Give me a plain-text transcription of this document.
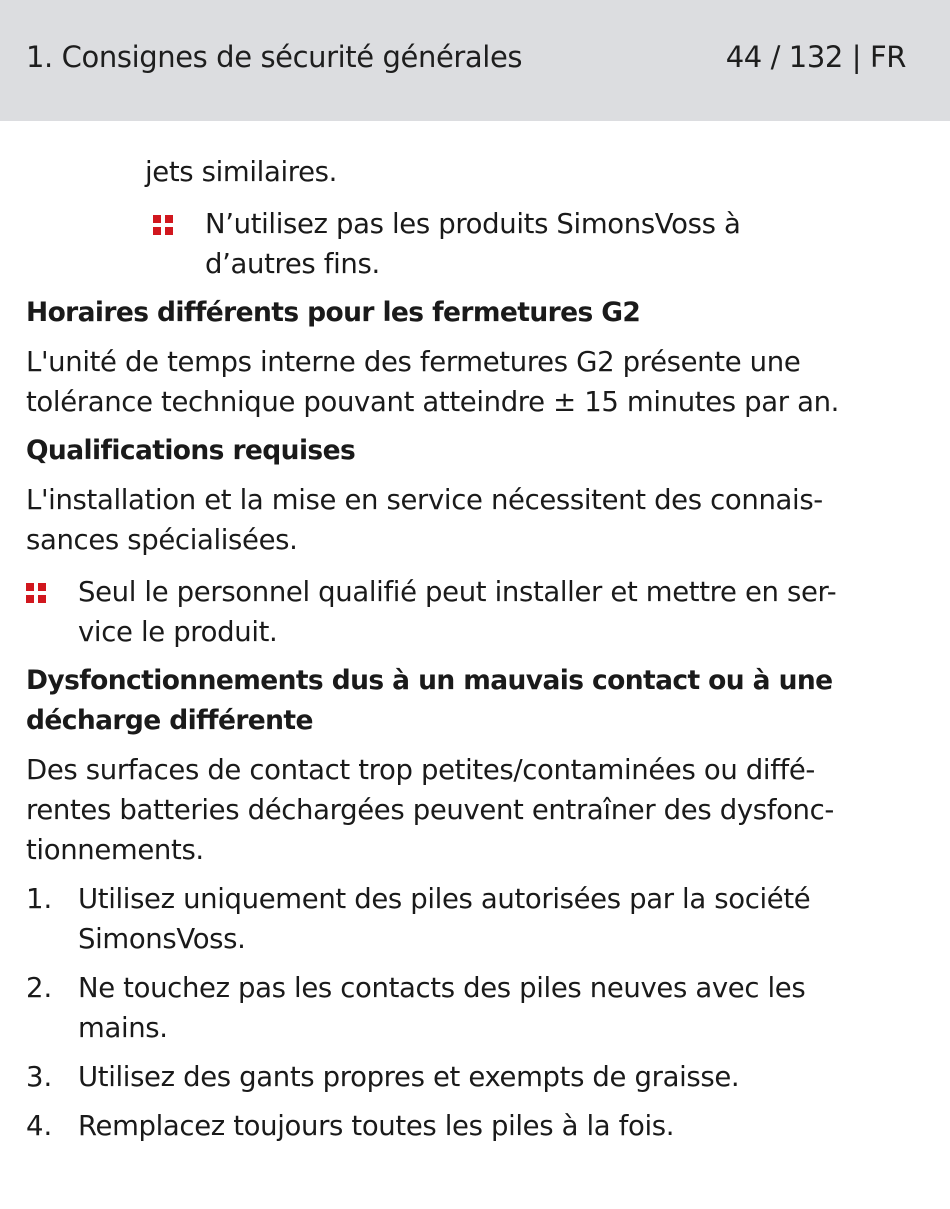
1. Consignes de sécurité générales	44 / 132 | FR
jets similaires.
N’utilisez pas les produits SimonsVoss à
d’autres fins.
Horaires différents pour les fermetures G2
L'unité de temps interne des fermetures G2 présente une
tolérance technique pouvant atteindre ± 15 minutes par an.
Qualifications requises
L'installation et la mise en service nécessitent des connais-
sances spécialisées.
Seul le personnel qualifié peut installer et mettre en ser-
vice le produit.
Dysfonctionnements dus à un mauvais contact ou à une
décharge différente
Des surfaces de contact trop petites/contaminées ou diffé-
rentes batteries déchargées peuvent entraîner des dysfonc-
tionnements.
1. Utilisez uniquement des piles autorisées par la société
SimonsVoss.
2. Ne touchez pas les contacts des piles neuves avec les
mains.
3. Utilisez des gants propres et exempts de graisse.
4. Remplacez toujours toutes les piles à la fois.
